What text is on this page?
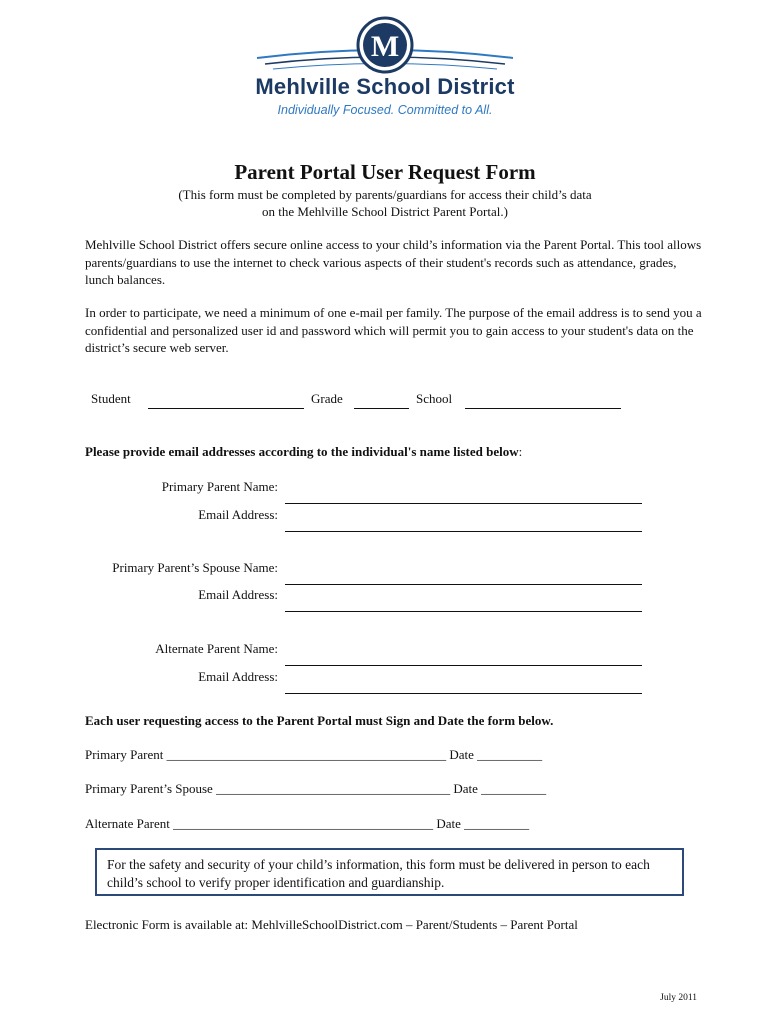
M
Mehlville School District
Individually Focused. Committed to All.
Parent Portal User Request Form
(This form must be completed by parents/guardians for access their child’s data
on the Mehlville School District Parent Portal.)
Mehlville School District offers secure online access to your child’s information via the Parent Portal. This tool allows parents/guardians to use the internet to check various aspects of their student's records such as attendance, grades, lunch balances.
In order to participate, we need a minimum of one e-mail per family. The purpose of the email address is to send you a confidential and personalized user id and password which will permit you to gain access to your student's data on the district’s secure web server.
Student	Grade	School
Please provide email addresses according to the individual's name listed below:
Primary Parent Name:
Email Address:
Primary Parent’s Spouse Name:
Email Address:
Alternate Parent Name:
Email Address:
Each user requesting access to the Parent Portal must Sign and Date the form below.
Primary Parent ___________________________________________ Date __________
Primary Parent’s Spouse ____________________________________ Date __________
Alternate Parent ________________________________________ Date __________
For the safety and security of your child’s information, this form must be delivered in person to each child’s school to verify proper identification and guardianship.
Electronic Form is available at: MehlvilleSchoolDistrict.com – Parent/Students – Parent Portal
July 2011
